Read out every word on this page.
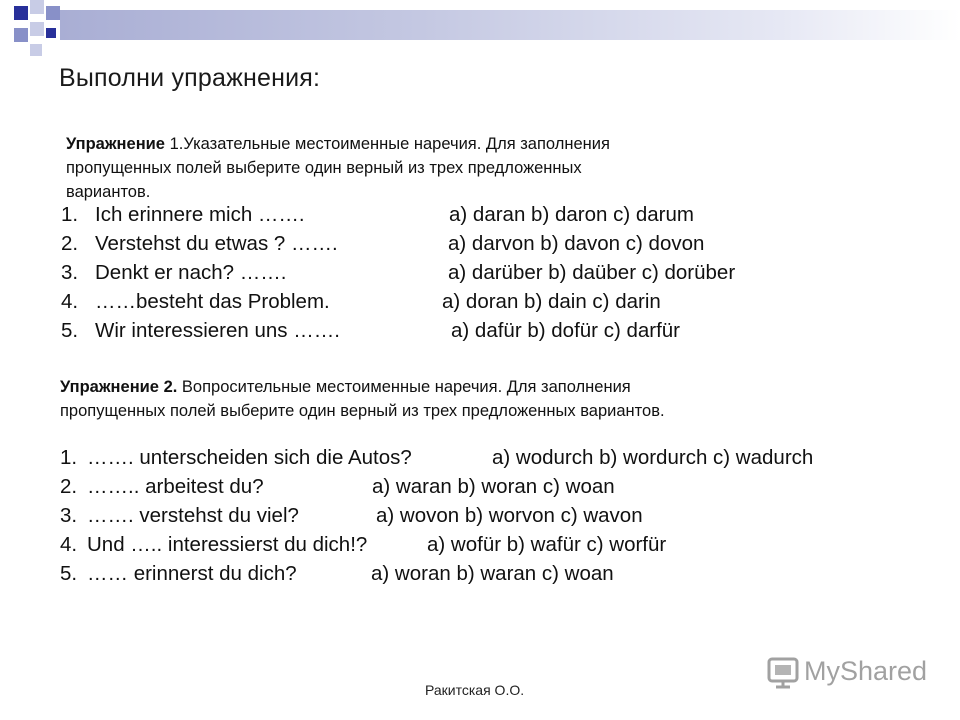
Выполни упражнения:
Упражнение 1.Указательные местоименные наречия. Для заполнения
пропущенных полей выберите один верный из трех предложенных
вариантов.
1. Ich erinnere mich …….	a) daran b) daron c) darum
2. Verstehst du etwas ? …….	a) darvon b) davon c) dovon
3. Denkt er nach? …….	a) darüber b) daüber c) dorüber
4. ……besteht das Problem.	a) doran b) dain c) darin
5. Wir interessieren uns …….	a) dafür b) dofür c) darfür
Упражнение 2. Вопросительные местоименные наречия. Для заполнения
пропущенных полей выберите один верный из трех предложенных вариантов.
1. ……. unterscheiden sich die Autos?	a) wodurch b) wordurch c) wadurch
2. …….. arbeitest du?	a) waran b) woran c) woan
3. ……. verstehst du viel?	a) wovon b) worvon c) wavon
4. Und ….. interessierst du dich!?	a) wofür b) wafür c) worfür
5. …… erinnerst du dich?	a) woran b) waran c) woan
MyShared
Ракитская О.О.
